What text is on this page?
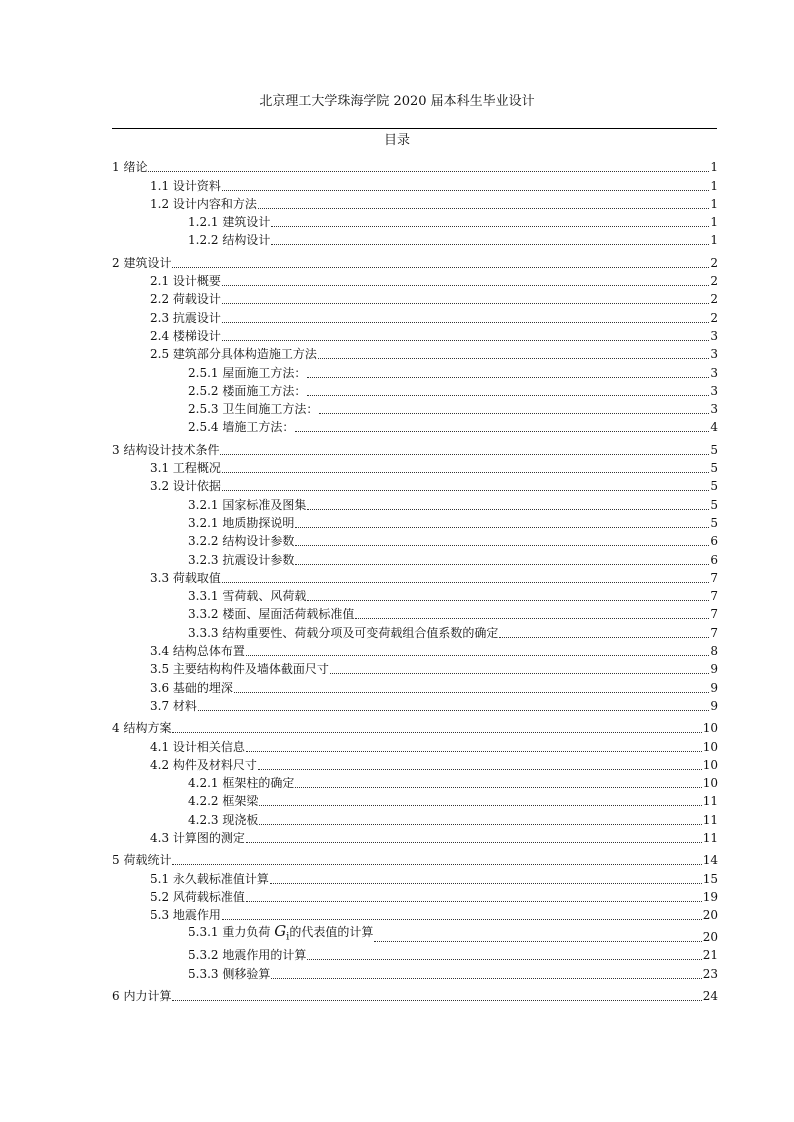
北京理工大学珠海学院 2020 届本科生毕业设计
目录
1 绪论	1
1.1 设计资料	1
1.2 设计内容和方法	1
1.2.1 建筑设计	1
1.2.2 结构设计	1
2 建筑设计	2
2.1 设计概要	2
2.2 荷载设计	2
2.3 抗震设计	2
2.4 楼梯设计	3
2.5 建筑部分具体构造施工方法	3
2.5.1 屋面施工方法：	3
2.5.2 楼面施工方法：	3
2.5.3 卫生间施工方法：	3
2.5.4 墙施工方法：	4
3 结构设计技术条件	5
3.1 工程概况	5
3.2 设计依据	5
3.2.1 国家标准及图集	5
3.2.1 地质勘探说明	5
3.2.2 结构设计参数	6
3.2.3 抗震设计参数	6
3.3 荷载取值	7
3.3.1 雪荷载、风荷载	7
3.3.2 楼面、屋面活荷载标准值	7
3.3.3 结构重要性、荷载分项及可变荷载组合值系数的确定	7
3.4 结构总体布置	8
3.5 主要结构构件及墙体截面尺寸	9
3.6 基础的埋深	9
3.7 材料	9
4 结构方案	10
4.1 设计相关信息	10
4.2 构件及材料尺寸	10
4.2.1 框架柱的确定	10
4.2.2 框架梁	11
4.2.3 现浇板	11
4.3 计算图的测定	11
5 荷载统计	14
5.1 永久载标准值计算	15
5.2 风荷载标准值	19
5.3 地震作用	20
5.3.1 重力负荷 $G_i$的代表值的计算	20
5.3.2 地震作用的计算	21
5.3.3 侧移验算	23
6 内力计算	24
